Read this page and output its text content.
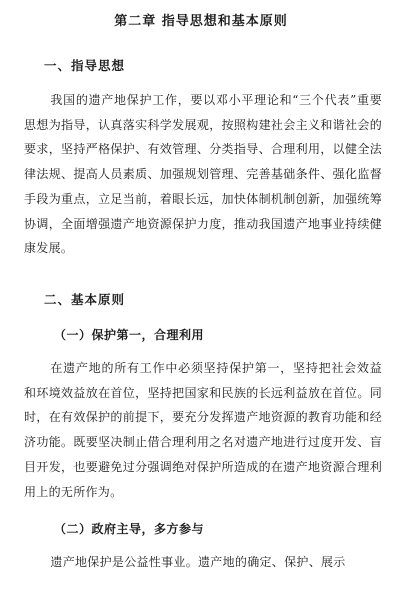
第二章 指导思想和基本原则
一、指导思想

我国的遗产地保护工作，要以邓小平理论和“三个代表”重要思想为指导，认真落实科学发展观，按照构建社会主义和谐社会的要求，坚持严格保护、有效管理、分类指导、合理利用，以健全法律法规、提高人员素质、加强规划管理、完善基础条件、强化监督手段为重点，立足当前，着眼长远，加快体制机制创新，加强统筹协调，全面增强遗产地资源保护力度，推动我国遗产地事业持续健康发展。

二、基本原则
（一）保护第一，合理利用

在遗产地的所有工作中必须坚持保护第一，坚持把社会效益和环境效益放在首位，坚持把国家和民族的长远利益放在首位。同时，在有效保护的前提下，要充分发挥遗产地资源的教育功能和经济功能。既要坚决制止借合理利用之名对遗产地进行过度开发、盲目开发，也要避免过分强调绝对保护所造成的在遗产地资源合理利用上的无所作为。

（二）政府主导，多方参与

遗产地保护是公益性事业。遗产地的确定、保护、展示
